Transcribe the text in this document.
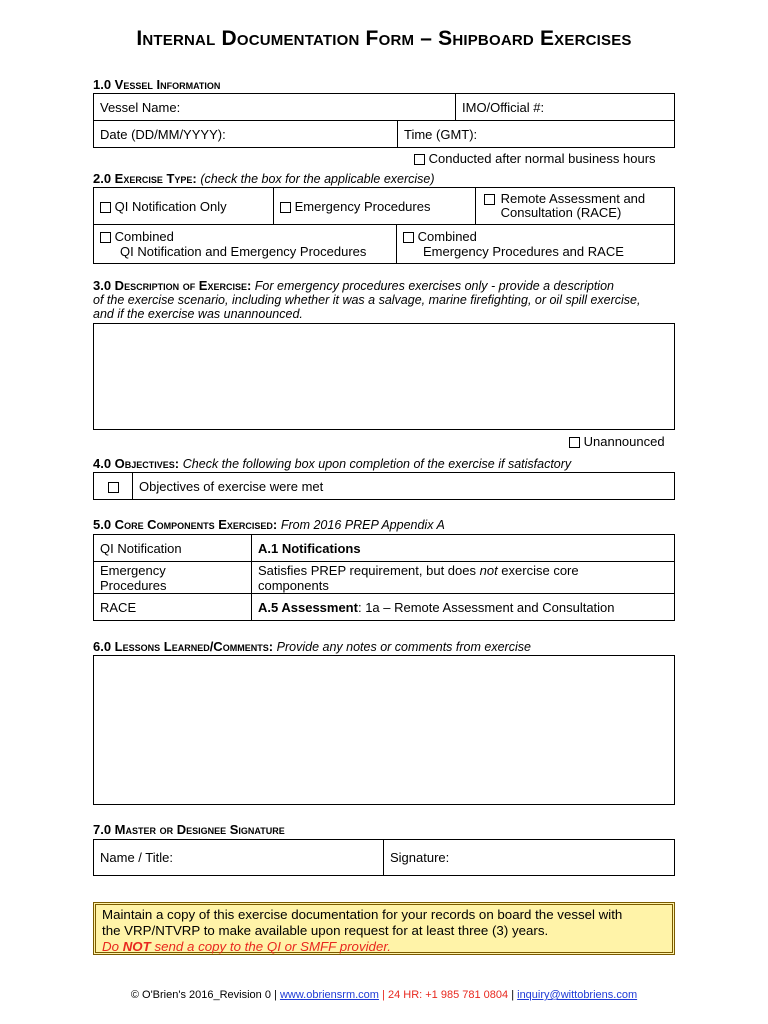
Internal Documentation Form – Shipboard Exercises
1.0 Vessel Information
Vessel Name:	IMO/Official #:
Date (DD/MM/YYYY):	Time (GMT):
Conducted after normal business hours
2.0 Exercise Type: (check the box for the applicable exercise)
QI Notification Only	Emergency Procedures	Remote Assessment and
Consultation (RACE)
Combined
QI Notification and Emergency Procedures	Combined
Emergency Procedures and RACE
3.0 Description of Exercise: For emergency procedures exercises only - provide a description
of the exercise scenario, including whether it was a salvage, marine firefighting, or oil spill exercise,
and if the exercise was unannounced.
Unannounced
4.0 Objectives: Check the following box upon completion of the exercise if satisfactory
	Objectives of exercise were met
5.0 Core Components Exercised: From 2016 PREP Appendix A
QI Notification	A.1 Notifications
Emergency
Procedures	Satisfies PREP requirement, but does not exercise core
components
RACE	A.5 Assessment: 1a – Remote Assessment and Consultation
6.0 Lessons Learned/Comments: Provide any notes or comments from exercise
7.0 Master or Designee Signature
Name / Title:	Signature:
Maintain a copy of this exercise documentation for your records on board the vessel with
the VRP/NTVRP to make available upon request for at least three (3) years.
Do NOT send a copy to the QI or SMFF provider.
© O'Brien's 2016_Revision 0 | www.obriensrm.com | 24 HR: +1 985 781 0804 | inquiry@wittobriens.com
